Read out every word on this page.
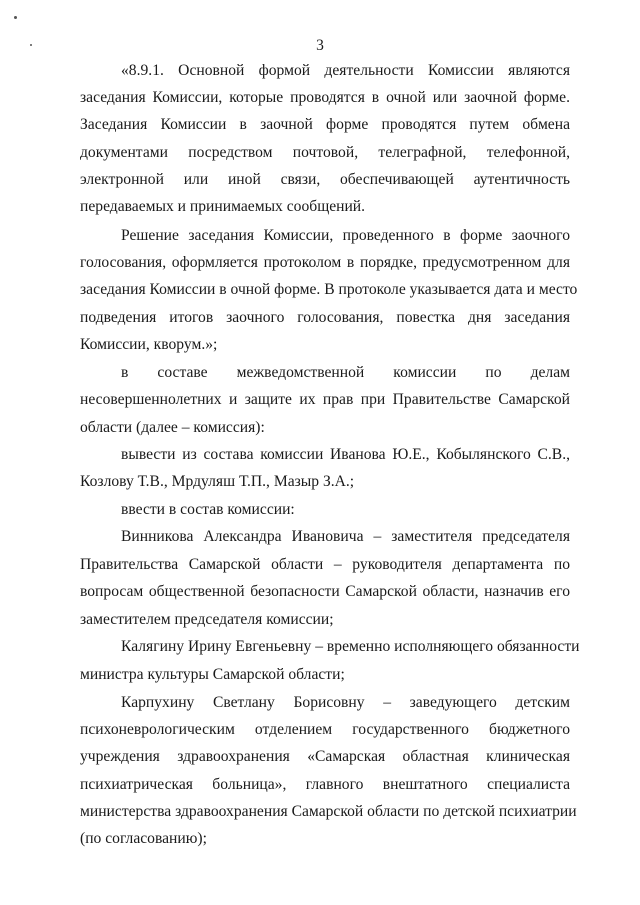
3
«8.9.1. Основной формой деятельности Комиссии являются
заседания Комиссии, которые проводятся в очной или заочной форме.
Заседания Комиссии в заочной форме проводятся путем обмена
документами посредством почтовой, телеграфной, телефонной,
электронной или иной связи, обеспечивающей аутентичность
передаваемых и принимаемых сообщений.
Решение заседания Комиссии, проведенного в форме заочного
голосования, оформляется протоколом в порядке, предусмотренном для
заседания Комиссии в очной форме. В протоколе указывается дата и место
подведения итогов заочного голосования, повестка дня заседания
Комиссии, кворум.»;
в составе межведомственной комиссии по делам
несовершеннолетних и защите их прав при Правительстве Самарской
области (далее – комиссия):
вывести из состава комиссии Иванова Ю.Е., Кобылянского С.В.,
Козлову Т.В., Мрдуляш Т.П., Мазыр З.А.;
ввести в состав комиссии:
Винникова Александра Ивановича – заместителя председателя
Правительства Самарской области – руководителя департамента по
вопросам общественной безопасности Самарской области, назначив его
заместителем председателя комиссии;
Калягину Ирину Евгеньевну – временно исполняющего обязанности
министра культуры Самарской области;
Карпухину Светлану Борисовну – заведующего детским
психоневрологическим отделением государственного бюджетного
учреждения здравоохранения «Самарская областная клиническая
психиатрическая больница», главного внештатного специалиста
министерства здравоохранения Самарской области по детской психиатрии
(по согласованию);
